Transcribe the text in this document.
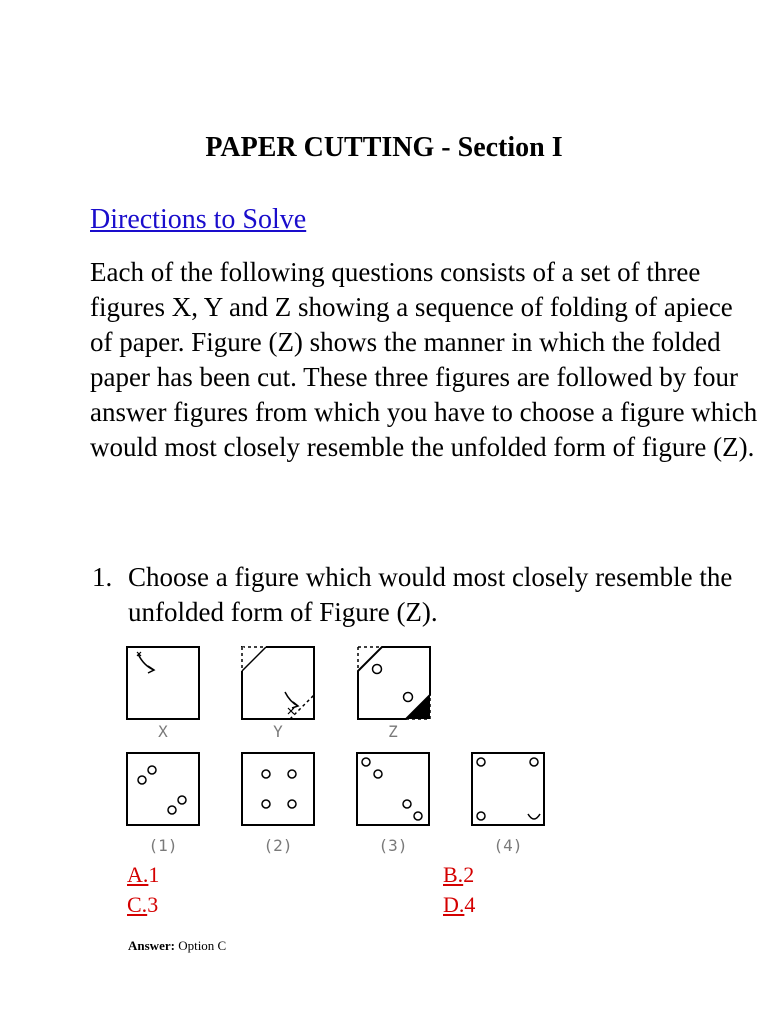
PAPER CUTTING - Section I
Directions to Solve

Each of the following questions consists of a set of three figures X, Y and Z showing a sequence of folding of apiece of paper. Figure (Z) shows the manner in which the folded paper has been cut. These three figures are followed by four answer figures from which you have to choose a figure which would most closely resemble the unfolded form of figure (Z).

1. Choose a figure which would most closely resemble the unfolded form of Figure (Z).
X	Y	Z
(1)	(2)	(3)	(4)
A.1	B.2
C.3	D.4
Answer: Option C
